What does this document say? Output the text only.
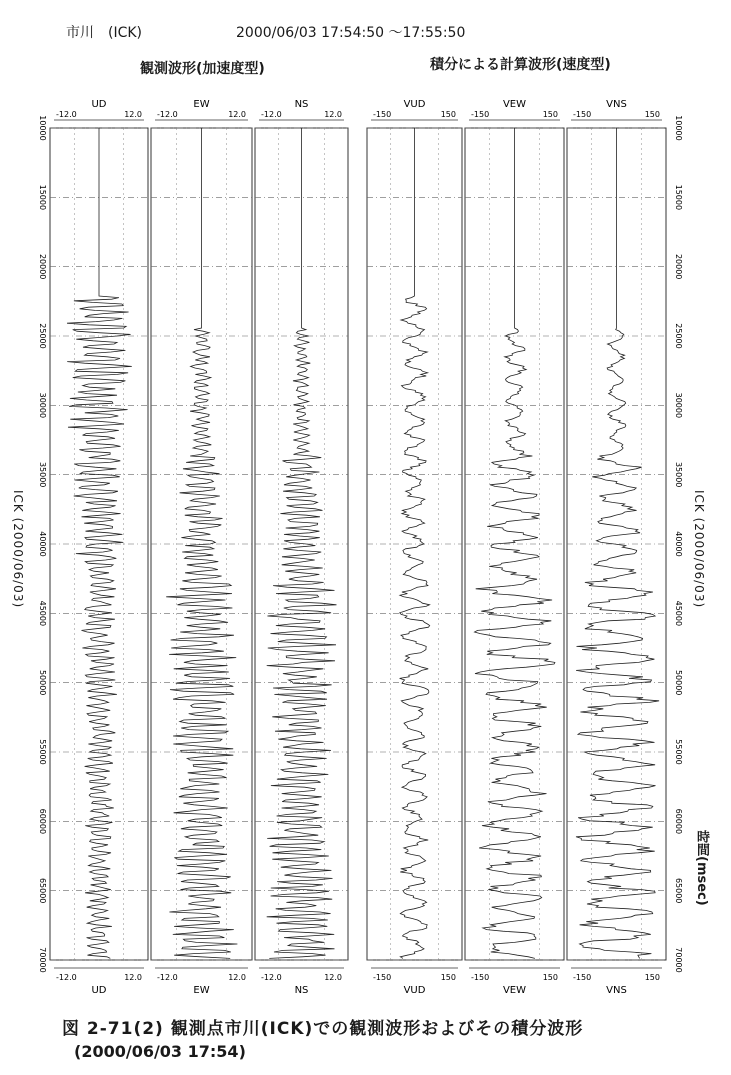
市川　(ICK)	2000/06/03 17:54:50 〜17:55:50
観測波形(加速度型)	積分による計算波形(速度型)
-12.0	12.0
UD
-12.0	12.0
UD
-12.0	12.0
EW
-12.0	12.0
EW
-12.0	12.0
NS
-12.0	12.0
NS
-150	150
VUD
-150	150
VUD
-150	150
VEW
-150	150
VEW
-150	150
VNS
-150	150
VNS
10000	10000
15000	15000
20000	20000
25000	25000
30000	30000
35000	35000
40000	40000
45000	45000
50000	50000
55000	55000
60000	60000
65000	65000
70000	70000
ICK (2000/06/03)	ICK (2000/06/03)
時間(msec)
図 2-71(2) 観測点市川(ICK)での観測波形およびその積分波形
(2000/06/03 17:54)
